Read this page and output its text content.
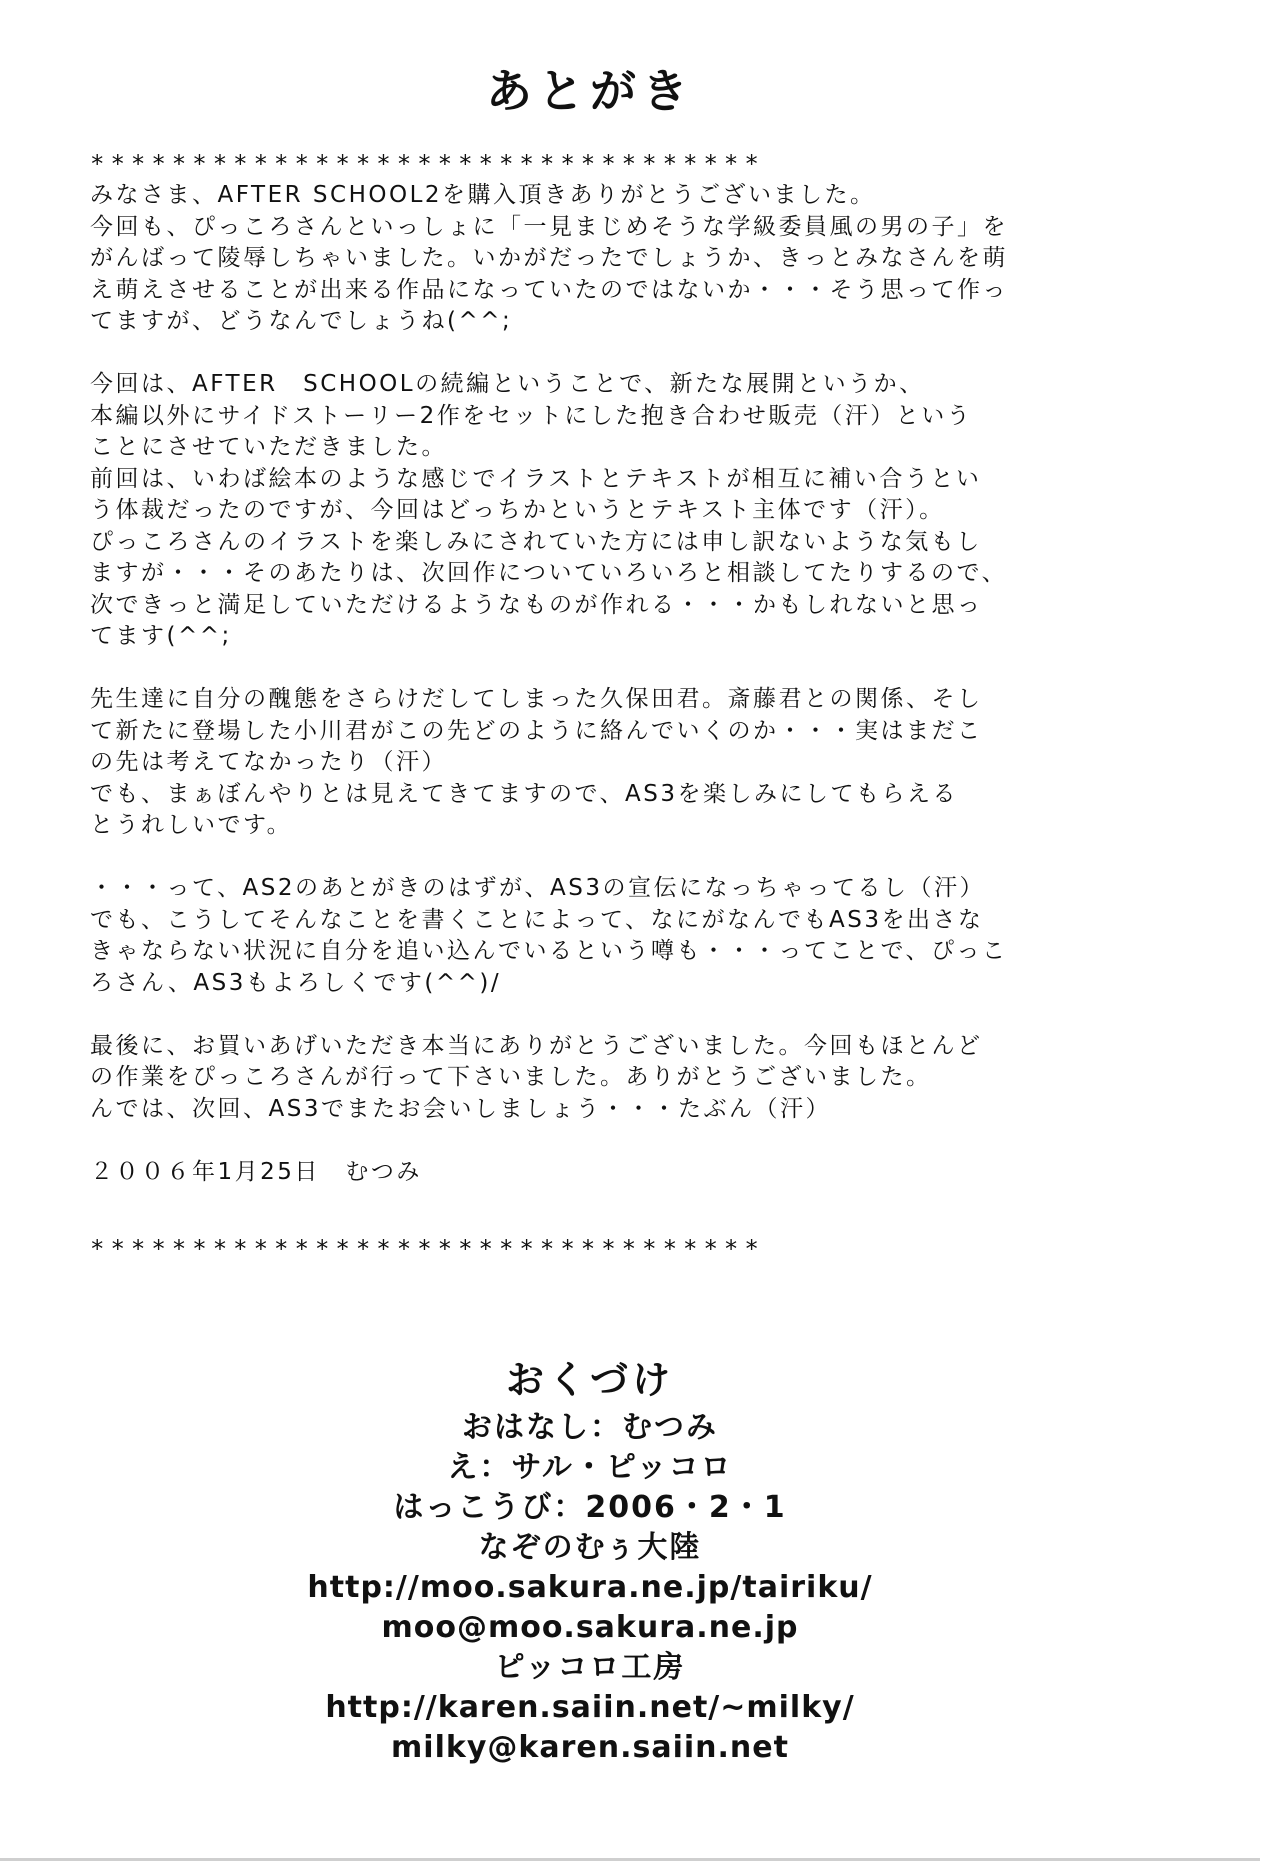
あとがき
*********************************
みなさま、AFTER SCHOOL2を購入頂きありがとうございました。
今回も、ぴっころさんといっしょに「一見まじめそうな学級委員風の男の子」を
がんばって陵辱しちゃいました。いかがだったでしょうか、きっとみなさんを萌
え萌えさせることが出来る作品になっていたのではないか・・・そう思って作っ
てますが、どうなんでしょうね(^^;
今回は、AFTER　SCHOOLの続編ということで、新たな展開というか、
本編以外にサイドストーリー2作をセットにした抱き合わせ販売（汗）という
ことにさせていただきました。
前回は、いわば絵本のような感じでイラストとテキストが相互に補い合うとい
う体裁だったのですが、今回はどっちかというとテキスト主体です（汗）。
ぴっころさんのイラストを楽しみにされていた方には申し訳ないような気もし
ますが・・・そのあたりは、次回作についていろいろと相談してたりするので、
次できっと満足していただけるようなものが作れる・・・かもしれないと思っ
てます(^^;
先生達に自分の醜態をさらけだしてしまった久保田君。斎藤君との関係、そし
て新たに登場した小川君がこの先どのように絡んでいくのか・・・実はまだこ
の先は考えてなかったり（汗）
でも、まぁぼんやりとは見えてきてますので、AS3を楽しみにしてもらえる
とうれしいです。
・・・って、AS2のあとがきのはずが、AS3の宣伝になっちゃってるし（汗）
でも、こうしてそんなことを書くことによって、なにがなんでもAS3を出さな
きゃならない状況に自分を追い込んでいるという噂も・・・ってことで、ぴっこ
ろさん、AS3もよろしくです(^^)/
最後に、お買いあげいただき本当にありがとうございました。今回もほとんど
の作業をぴっころさんが行って下さいました。ありがとうございました。
んでは、次回、AS3でまたお会いしましょう・・・たぶん（汗）
２００６年1月25日　むつみ
*********************************
おくづけ
おはなし：むつみ
え：サル・ピッコロ
はっこうび：2006・2・1
なぞのむぅ大陸
http://moo.sakura.ne.jp/tairiku/
moo@moo.sakura.ne.jp
ピッコロ工房
http://karen.saiin.net/~milky/
milky@karen.saiin.net
